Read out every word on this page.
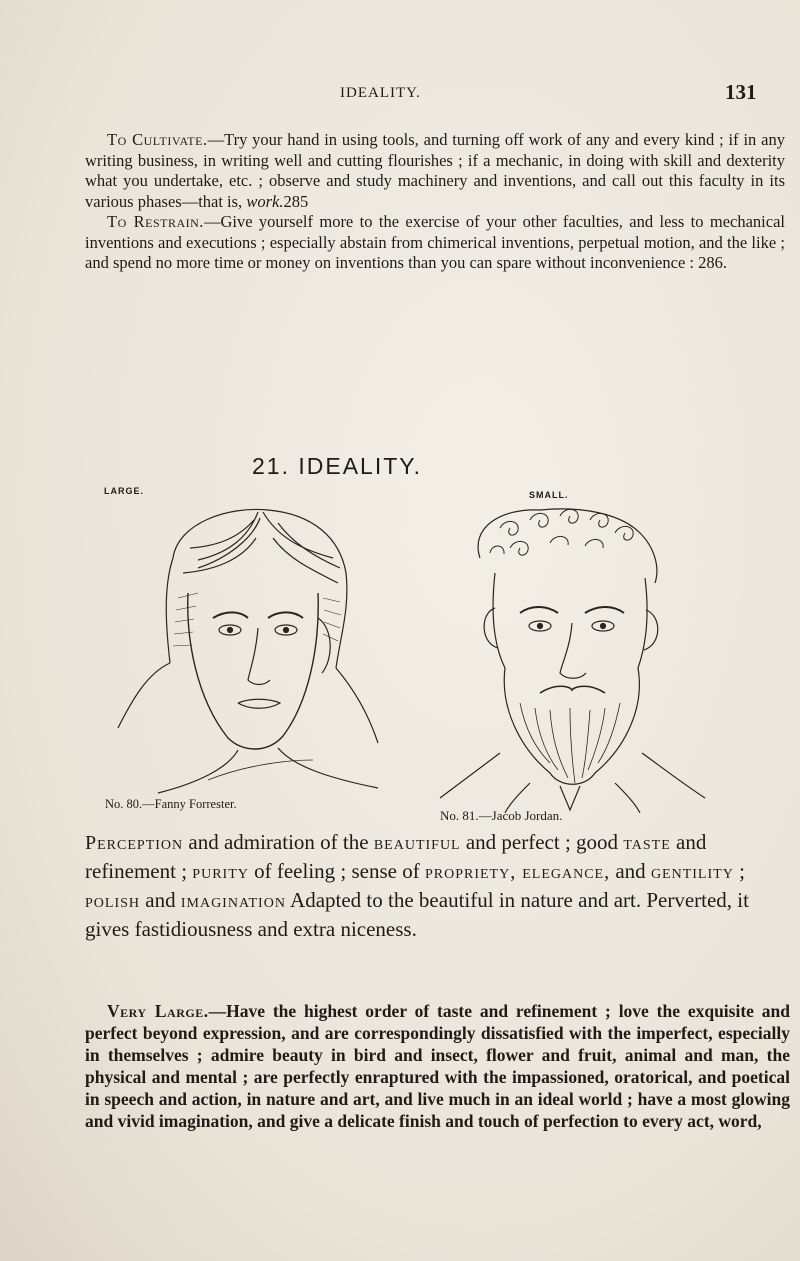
IDEALITY.	131
To Cultivate.—Try your hand in using tools, and turning off work of any and every kind ; if in any writing business, in writing well and cutting flourishes ; if a mechanic, in doing with skill and dexterity what you undertake, etc. ; observe and study machinery and inventions, and call out this faculty in its various phases—that is, work.285
To Restrain.—Give yourself more to the exercise of your other faculties, and less to mechanical inventions and executions ; especially abstain from chimerical inventions, perpetual motion, and the like ; and spend no more time or money on inventions than you can spare without inconvenience : 286.
21. IDEALITY.
LARGE.	SMALL.
No. 80.—Fanny Forrester.
No. 81.—Jacob Jordan.
Perception and admiration of the beautiful and perfect ; good taste and refinement ; purity of feeling ; sense of propriety, elegance, and gentility ; polish and imagination Adapted to the beautiful in nature and art. Perverted, it gives fastidiousness and extra niceness.
Very Large.—Have the highest order of taste and refinement ; love the exquisite and perfect beyond expression, and are correspondingly dissatisfied with the imperfect, especially in themselves ; admire beauty in bird and insect, flower and fruit, animal and man, the physical and mental ; are perfectly enraptured with the impassioned, oratorical, and poetical in speech and action, in nature and art, and live much in an ideal world ; have a most glowing and vivid imagination, and give a delicate finish and touch of perfection to every act, word,
